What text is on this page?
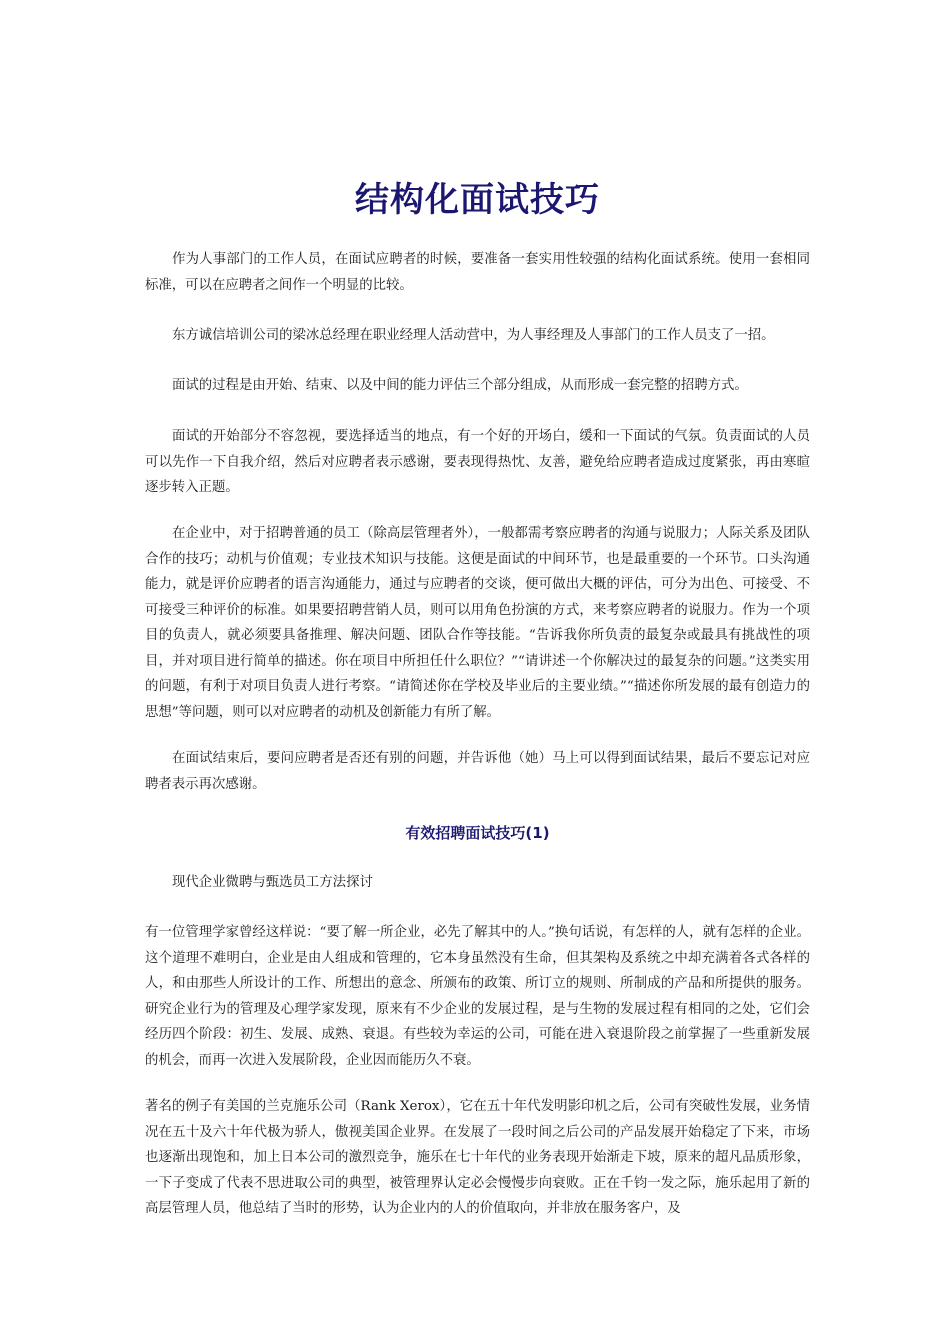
结构化面试技巧

作为人事部门的工作人员，在面试应聘者的时候，要准备一套实用性较强的结构化面试系统。使用一套相同标准，可以在应聘者之间作一个明显的比较。

东方诚信培训公司的梁冰总经理在职业经理人活动营中，为人事经理及人事部门的工作人员支了一招。

面试的过程是由开始、结束、以及中间的能力评估三个部分组成，从而形成一套完整的招聘方式。

面试的开始部分不容忽视，要选择适当的地点，有一个好的开场白，缓和一下面试的气氛。负责面试的人员可以先作一下自我介绍，然后对应聘者表示感谢，要表现得热忱、友善，避免给应聘者造成过度紧张，再由寒暄逐步转入正题。

在企业中，对于招聘普通的员工（除高层管理者外），一般都需考察应聘者的沟通与说服力；人际关系及团队合作的技巧；动机与价值观；专业技术知识与技能。这便是面试的中间环节，也是最重要的一个环节。口头沟通能力，就是评价应聘者的语言沟通能力，通过与应聘者的交谈，便可做出大概的评估，可分为出色、可接受、不可接受三种评价的标准。如果要招聘营销人员，则可以用角色扮演的方式，来考察应聘者的说服力。作为一个项目的负责人，就必须要具备推理、解决问题、团队合作等技能。“告诉我你所负责的最复杂或最具有挑战性的项目，并对项目进行简单的描述。你在项目中所担任什么职位？”“请讲述一个你解决过的最复杂的问题。”这类实用的问题，有利于对项目负责人进行考察。“请简述你在学校及毕业后的主要业绩。”“描述你所发展的最有创造力的思想”等问题，则可以对应聘者的动机及创新能力有所了解。

在面试结束后，要问应聘者是否还有别的问题，并告诉他（她）马上可以得到面试结果，最后不要忘记对应聘者表示再次感谢。

有效招聘面试技巧(1)

现代企业微聘与甄选员工方法探讨

有一位管理学家曾经这样说：“要了解一所企业，必先了解其中的人。”换句话说，有怎样的人，就有怎样的企业。这个道理不难明白，企业是由人组成和管理的，它本身虽然没有生命，但其架构及系统之中却充满着各式各样的人，和由那些人所设计的工作、所想出的意念、所颁布的政策、所订立的规则、所制成的产品和所提供的服务。研究企业行为的管理及心理学家发现，原来有不少企业的发展过程，是与生物的发展过程有相同的之处，它们会经历四个阶段：初生、发展、成熟、衰退。有些较为幸运的公司，可能在进入衰退阶段之前掌握了一些重新发展的机会，而再一次进入发展阶段，企业因而能历久不衰。

著名的例子有美国的兰克施乐公司（Rank Xerox），它在五十年代发明影印机之后，公司有突破性发展，业务情况在五十及六十年代极为骄人，傲视美国企业界。在发展了一段时间之后公司的产品发展开始稳定了下来，市场也逐渐出现饱和，加上日本公司的激烈竞争，施乐在七十年代的业务表现开始渐走下坡，原来的超凡品质形象，一下子变成了代表不思进取公司的典型，被管理界认定必会慢慢步向衰败。正在千钧一发之际，施乐起用了新的高层管理人员，他总结了当时的形势，认为企业内的人的价值取向，并非放在服务客户，及
